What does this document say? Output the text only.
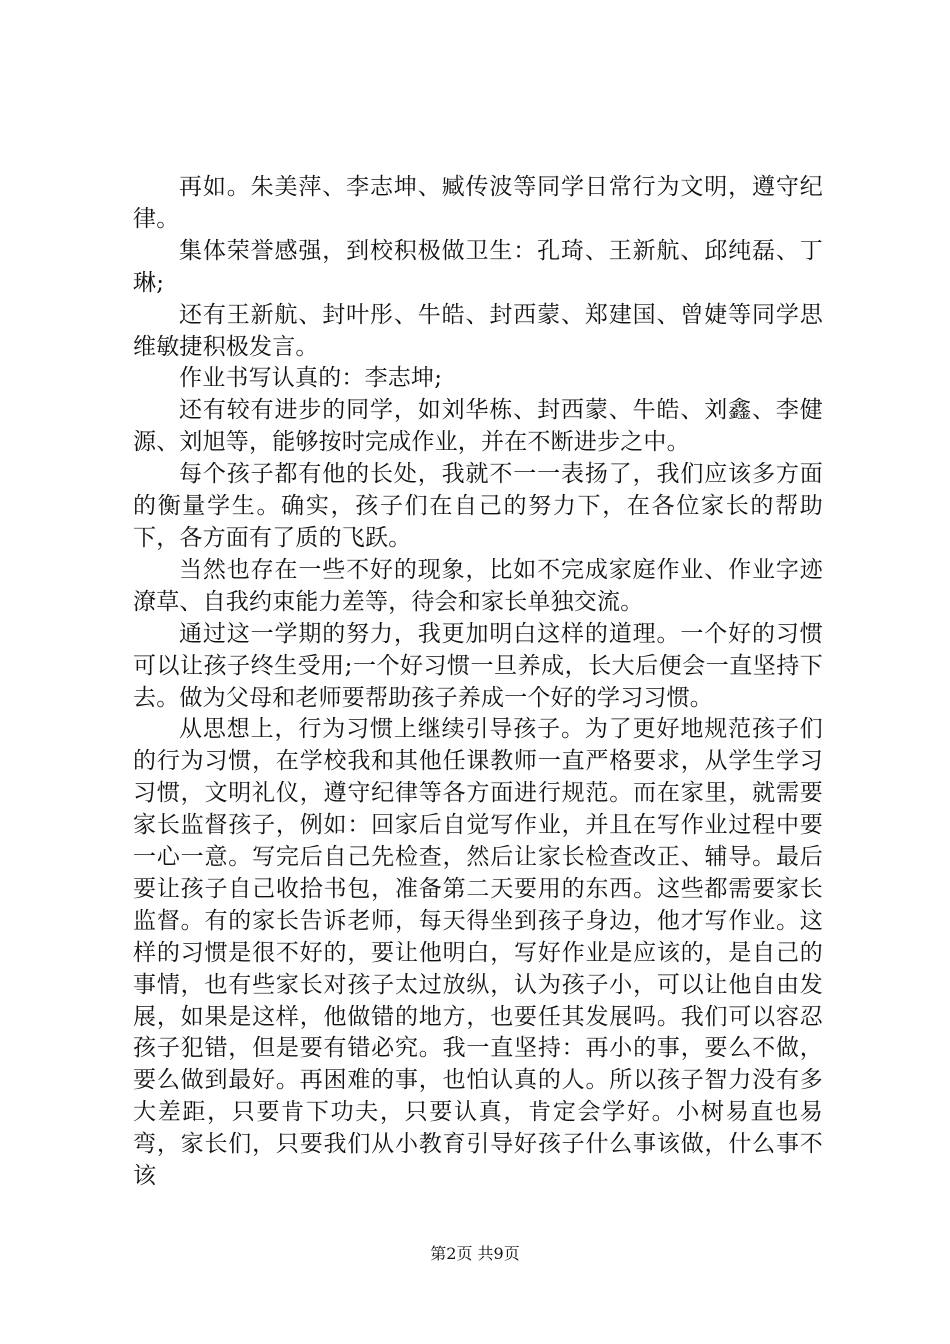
再如。朱美萍、李志坤、臧传波等同学日常行为文明，遵守纪律。

集体荣誉感强，到校积极做卫生：孔琦、王新航、邱纯磊、丁琳;

还有王新航、封叶彤、牛皓、封西蒙、郑建国、曾婕等同学思维敏捷积极发言。

作业书写认真的：李志坤;

还有较有进步的同学，如刘华栋、封西蒙、牛皓、刘鑫、李健源、刘旭等，能够按时完成作业，并在不断进步之中。

每个孩子都有他的长处，我就不一一表扬了，我们应该多方面的衡量学生。确实，孩子们在自己的努力下，在各位家长的帮助下，各方面有了质的飞跃。

当然也存在一些不好的现象，比如不完成家庭作业、作业字迹潦草、自我约束能力差等，待会和家长单独交流。

通过这一学期的努力，我更加明白这样的道理。一个好的习惯可以让孩子终生受用;一个好习惯一旦养成，长大后便会一直坚持下去。做为父母和老师要帮助孩子养成一个好的学习习惯。

从思想上，行为习惯上继续引导孩子。为了更好地规范孩子们的行为习惯，在学校我和其他任课教师一直严格要求，从学生学习习惯，文明礼仪，遵守纪律等各方面进行规范。而在家里，就需要家长监督孩子，例如：回家后自觉写作业，并且在写作业过程中要一心一意。写完后自己先检查，然后让家长检查改正、辅导。最后要让孩子自己收拾书包，准备第二天要用的东西。这些都需要家长监督。有的家长告诉老师，每天得坐到孩子身边，他才写作业。这样的习惯是很不好的，要让他明白，写好作业是应该的，是自己的事情，也有些家长对孩子太过放纵，认为孩子小，可以让他自由发展，如果是这样，他做错的地方，也要任其发展吗。我们可以容忍孩子犯错，但是要有错必究。我一直坚持：再小的事，要么不做，要么做到最好。再困难的事，也怕认真的人。所以孩子智力没有多大差距，只要肯下功夫，只要认真，肯定会学好。小树易直也易弯，家长们，只要我们从小教育引导好孩子什么事该做，什么事不该

第2页 共9页
